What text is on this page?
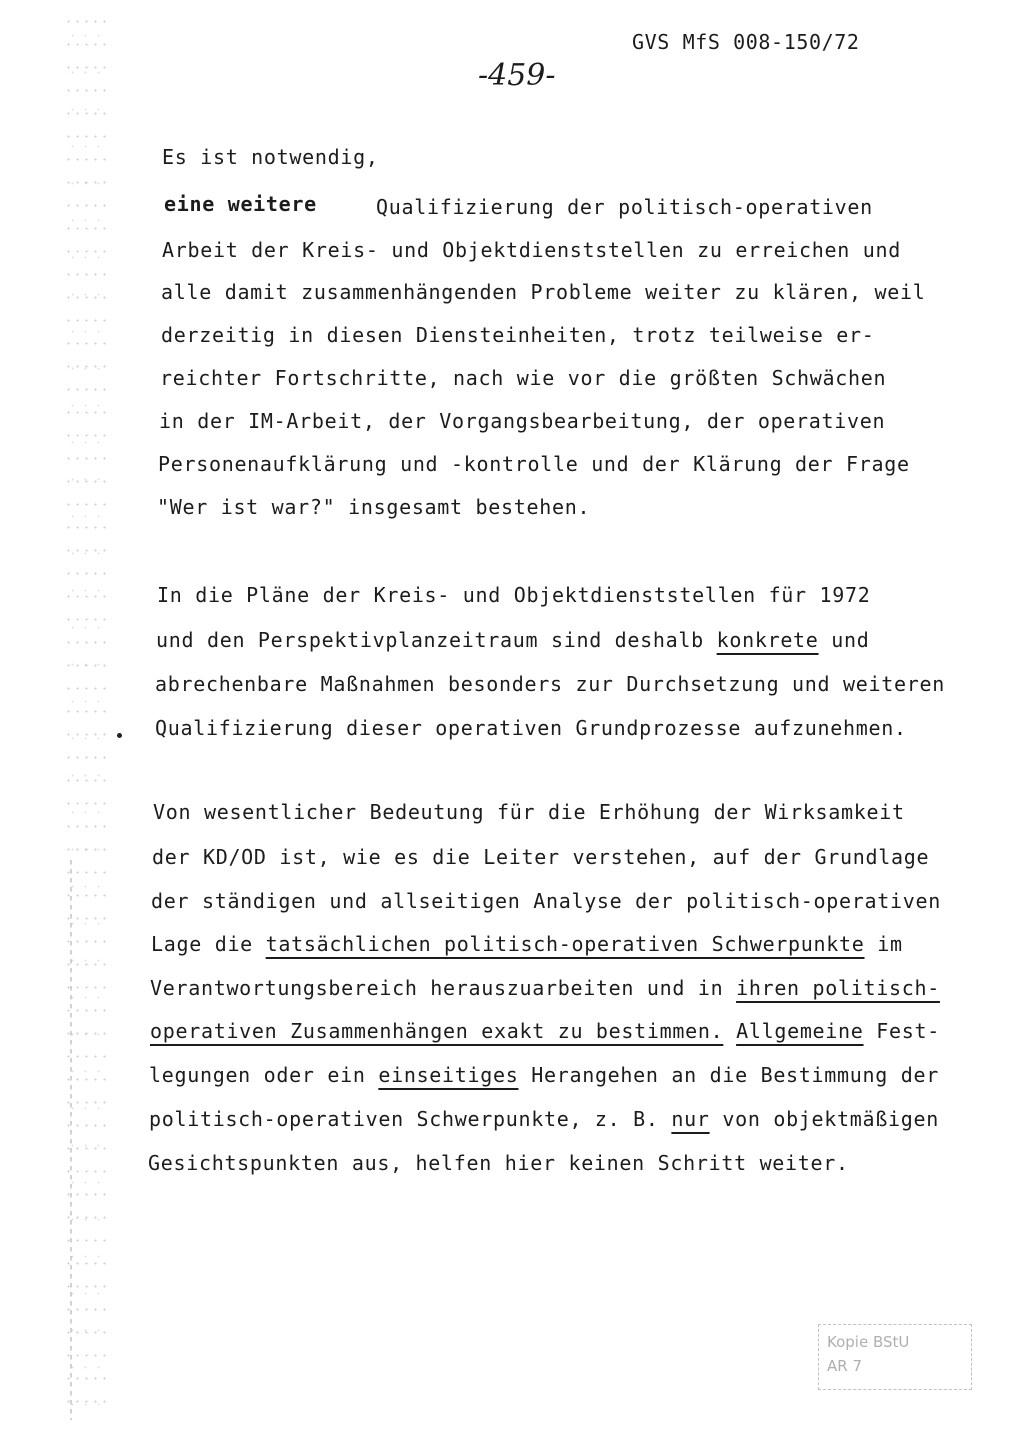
GVS MfS 008-150/72
-459-
Es ist notwendig,
eine weitere	Qualifizierung der politisch-operativen
Arbeit der Kreis- und Objektdienststellen zu erreichen und
alle damit zusammenhängenden Probleme weiter zu klären, weil
derzeitig in diesen Diensteinheiten, trotz teilweise er-
reichter Fortschritte, nach wie vor die größten Schwächen
in der IM-Arbeit, der Vorgangsbearbeitung, der operativen
Personenaufklärung und -kontrolle und der Klärung der Frage
"Wer ist war?" insgesamt bestehen.
In die Pläne der Kreis- und Objektdienststellen für 1972
und den Perspektivplanzeitraum sind deshalb konkrete und
abrechenbare Maßnahmen besonders zur Durchsetzung und weiteren
Qualifizierung dieser operativen Grundprozesse aufzunehmen.
Von wesentlicher Bedeutung für die Erhöhung der Wirksamkeit
der KD/OD ist, wie es die Leiter verstehen, auf der Grundlage
der ständigen und allseitigen Analyse der politisch-operativen
Lage die tatsächlichen politisch-operativen Schwerpunkte im
Verantwortungsbereich herauszuarbeiten und in ihren politisch-
operativen Zusammenhängen exakt zu bestimmen. Allgemeine Fest-
legungen oder ein einseitiges Herangehen an die Bestimmung der
politisch-operativen Schwerpunkte, z. B. nur von objektmäßigen
Gesichtspunkten aus, helfen hier keinen Schritt weiter.
Kopie BStU
AR 7
